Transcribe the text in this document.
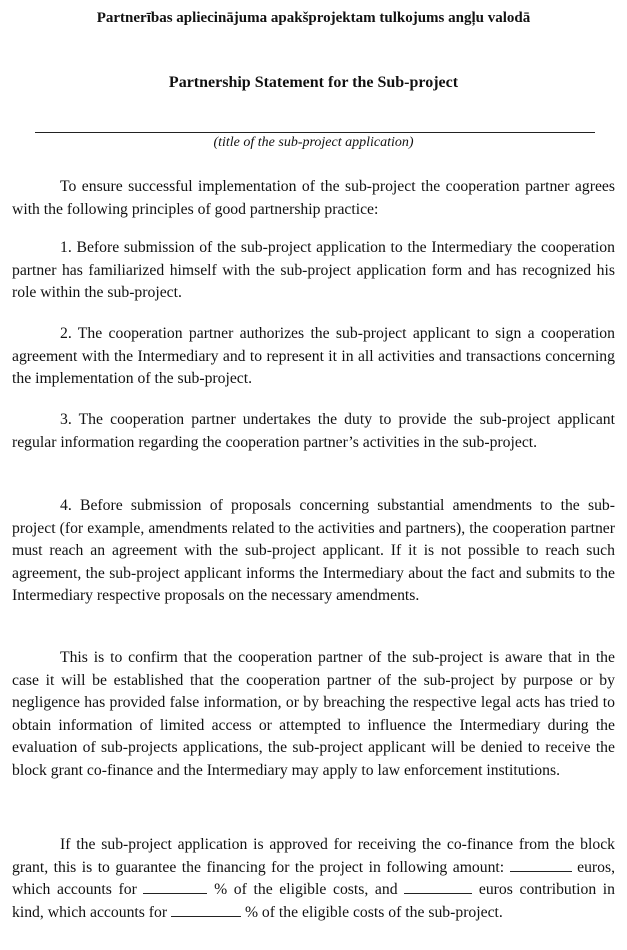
Partnerības apliecinājuma apakšprojektam tulkojums angļu valodā
Partnership Statement for the Sub-project
(title of the sub-project application)

To ensure successful implementation of the sub-project the cooperation partner agrees with the following principles of good partnership practice:

1. Before submission of the sub-project application to the Intermediary the cooperation partner has familiarized himself with the sub-project application form and has recognized his role within the sub-project.

2. The cooperation partner authorizes the sub-project applicant to sign a cooperation agreement with the Intermediary and to represent it in all activities and transactions concerning the implementation of the sub-project.

3. The cooperation partner undertakes the duty to provide the sub-project applicant regular information regarding the cooperation partner’s activities in the sub-project.

4. Before submission of proposals concerning substantial amendments to the sub-project (for example, amendments related to the activities and partners), the cooperation partner must reach an agreement with the sub-project applicant. If it is not possible to reach such agreement, the sub-project applicant informs the Intermediary about the fact and submits to the Intermediary respective proposals on the necessary amendments.

This is to confirm that the cooperation partner of the sub-project is aware that in the case it will be established that the cooperation partner of the sub-project by purpose or by negligence has provided false information, or by breaching the respective legal acts has tried to obtain information of limited access or attempted to influence the Intermediary during the evaluation of sub-projects applications, the sub-project applicant will be denied to receive the block grant co-finance and the Intermediary may apply to law enforcement institutions.

If the sub-project application is approved for receiving the co-finance from the block grant, this is to guarantee the financing for the project in following amount:	euros, which accounts for	% of the eligible costs, and	euros contribution in kind, which accounts for	% of the eligible costs of the sub-project.
